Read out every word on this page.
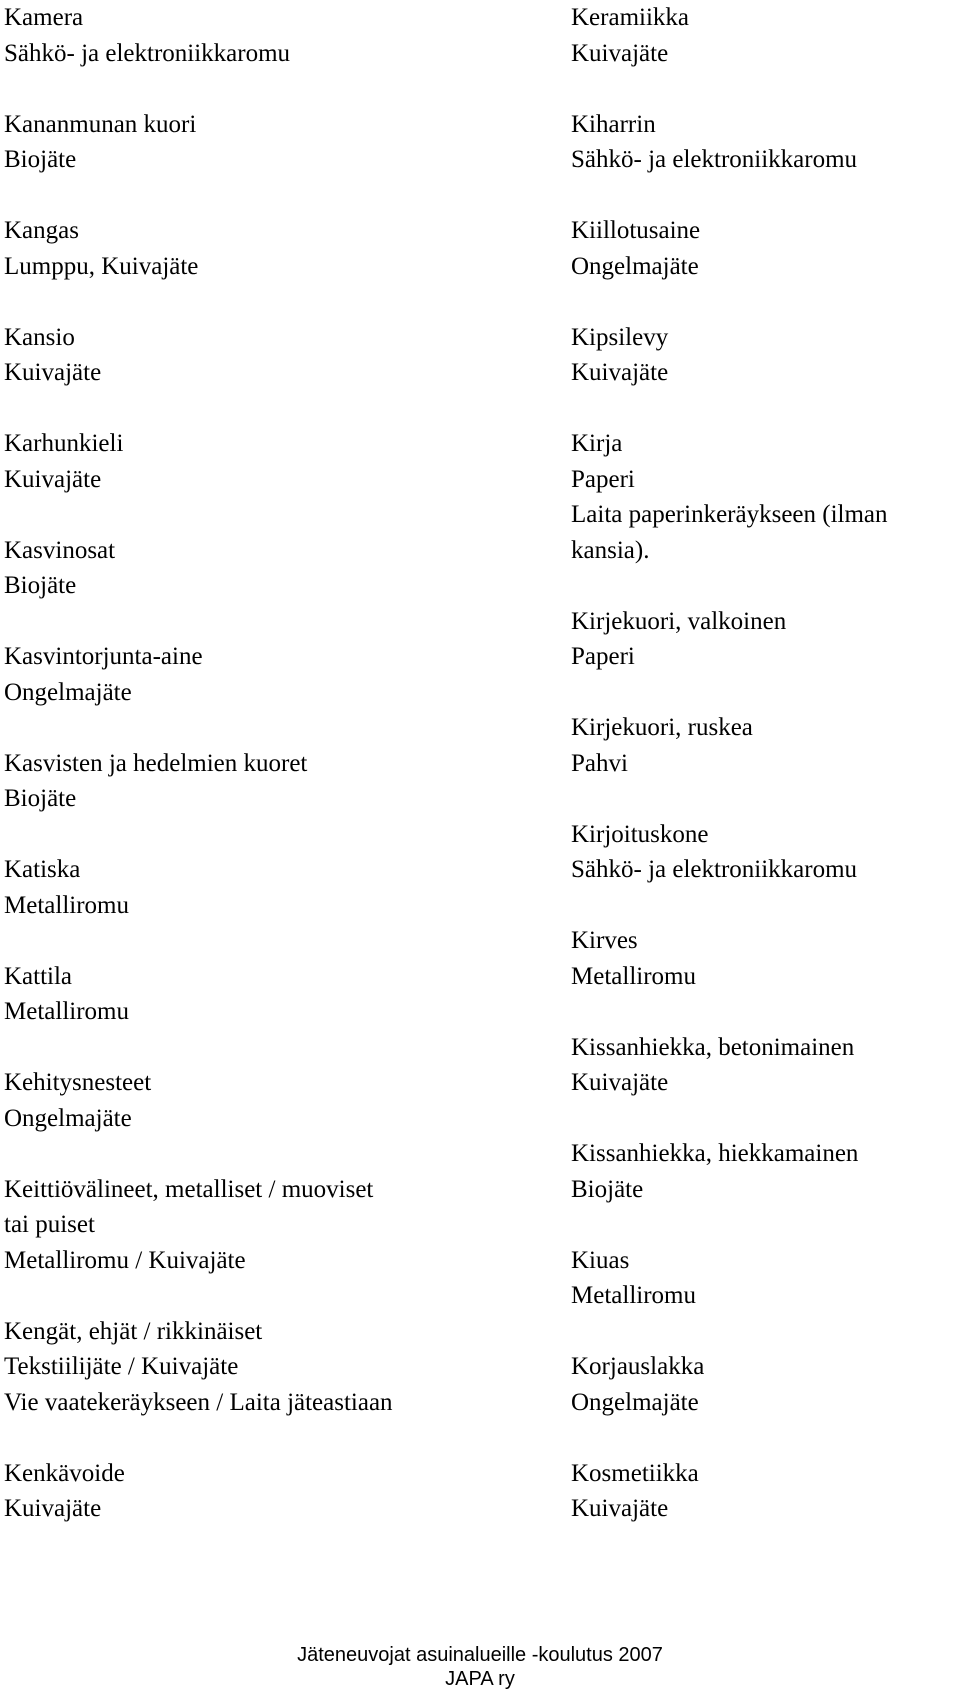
Kamera
Sähkö- ja elektroniikkaromu
Kananmunan kuori
Biojäte
Kangas
Lumppu, Kuivajäte
Kansio
Kuivajäte
Karhunkieli
Kuivajäte
Kasvinosat
Biojäte
Kasvintorjunta-aine
Ongelmajäte
Kasvisten ja hedelmien kuoret
Biojäte
Katiska
Metalliromu
Kattila
Metalliromu
Kehitysnesteet
Ongelmajäte
Keittiövälineet, metalliset / muoviset
tai puiset
Metalliromu / Kuivajäte
Kengät, ehjät / rikkinäiset
Tekstiilijäte / Kuivajäte
Vie vaatekeräykseen / Laita jäteastiaan
Kenkävoide
Kuivajäte
Keramiikka
Kuivajäte
Kiharrin
Sähkö- ja elektroniikkaromu
Kiillotusaine
Ongelmajäte
Kipsilevy
Kuivajäte
Kirja
Paperi
Laita paperinkeräykseen (ilman
kansia).
Kirjekuori, valkoinen
Paperi
Kirjekuori, ruskea
Pahvi
Kirjoituskone
Sähkö- ja elektroniikkaromu
Kirves
Metalliromu
Kissanhiekka, betonimainen
Kuivajäte
Kissanhiekka, hiekkamainen
Biojäte
Kiuas
Metalliromu
Korjauslakka
Ongelmajäte
Kosmetiikka
Kuivajäte
Jäteneuvojat asuinalueille -koulutus 2007
JAPA ry
